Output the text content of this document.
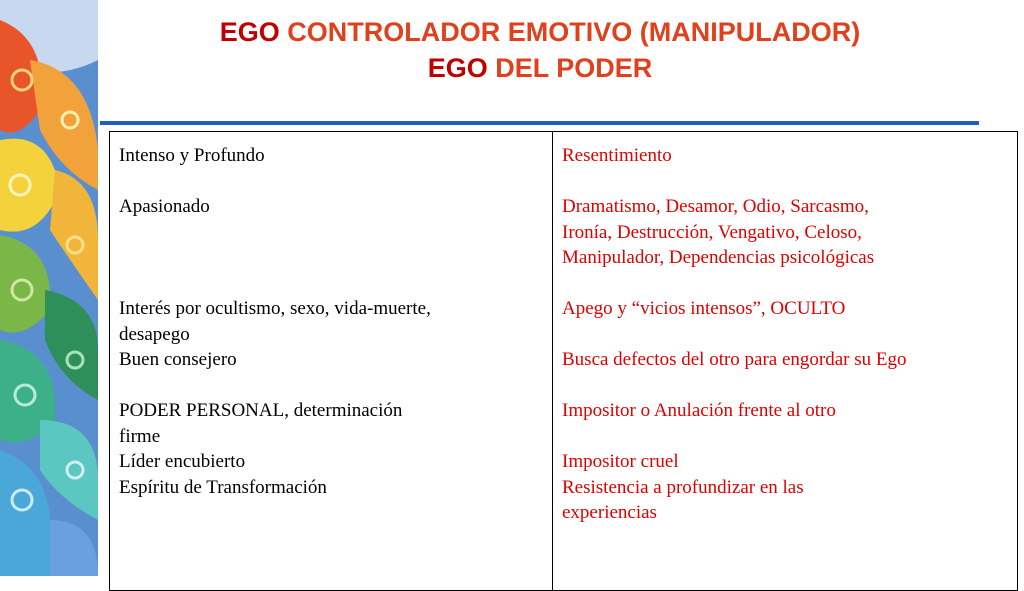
EGO CONTROLADOR EMOTIVO (MANIPULADOR)
EGO DEL PODER

Intenso y Profundo

Apasionado

Interés por ocultismo, sexo, vida-muerte,

desapego

Buen consejero

PODER PERSONAL, determinación

firme

Líder encubierto

Espíritu de Transformación

Resentimiento

Dramatismo, Desamor, Odio, Sarcasmo,

Ironía, Destrucción, Vengativo, Celoso,

Manipulador, Dependencias psicológicas

Apego y “vicios intensos”, OCULTO

Busca defectos del otro para engordar su Ego

Impositor o Anulación frente al otro

Impositor cruel

Resistencia a profundizar en las

experiencias
